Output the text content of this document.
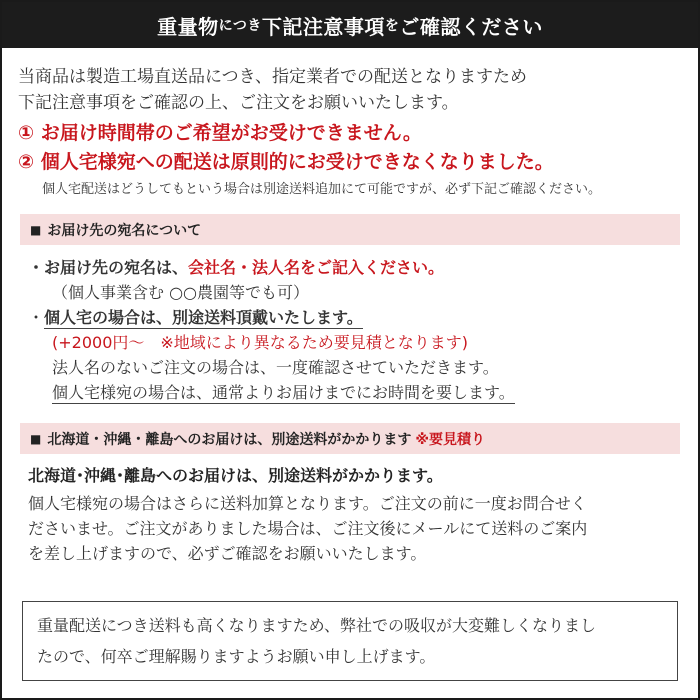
重量物 につき 下記注意事項 を ご確認ください
当商品は製造工場直送品につき、指定業者での配送となりますため
下記注意事項をご確認の上、ご注文をお願いいたします。
① お届け時間帯のご希望がお受けできません。
② 個人宅様宛への配送は原則的にお受けできなくなりました。
個人宅配送はどうしてもという場合は別途送料追加にて可能ですが、必ず下記ご確認ください。
■ お届け先の宛名について
・お届け先の宛名は、会社名・法人名をご記入ください。
（個人事業含む ○○農園等でも可）
・個人宅の場合は、別途送料頂戴いたします。
(+2000円〜　※地域により異なるため要見積となります)
法人名のないご注文の場合は、一度確認させていただきます。
個人宅様宛の場合は、通常よりお届けまでにお時間を要します。
■ 北海道・沖縄・離島へのお届けは、別途送料がかかります ※要見積り
北海道･沖縄･離島へのお届けは、別途送料がかかります。
個人宅様宛の場合はさらに送料加算となります。ご注文の前に一度お問合せく
ださいませ。ご注文がありました場合は、ご注文後にメールにて送料のご案内
を差し上げますので、必ずご確認をお願いいたします。
重量配送につき送料も高くなりますため、弊社での吸収が大変難しくなりまし
たので、何卒ご理解賜りますようお願い申し上げます。
